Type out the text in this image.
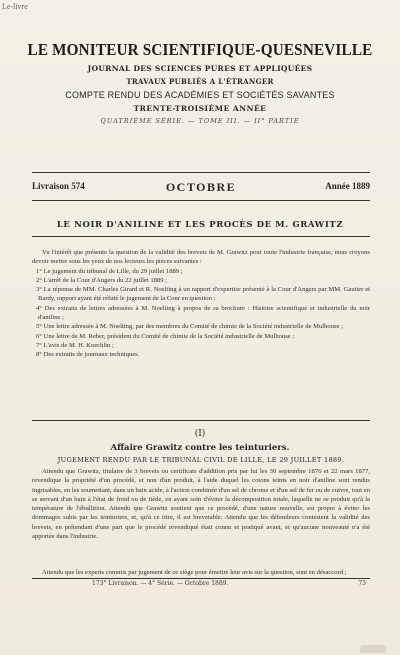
Le-livre
LE MONITEUR SCIENTIFIQUE-QUESNEVILLE
JOURNAL DES SCIENCES PURES ET APPLIQUÉES
TRAVAUX PUBLIÉS A L'ÉTRANGER
COMPTE RENDU DES ACADÉMIES ET SOCIÉTÉS SAVANTES
TRENTE-TROISIÈME ANNÉE
QUATRIÈME SÉRIE. — TOME III. — II° PARTIE
Livraison 574	OCTOBRE	Année 1889
LE NOIR D'ANILINE ET LES PROCÈS DE M. GRAWITZ

Vu l'intérêt que présente la question de la validité des brevets de M. Grawitz pour toute l'industrie française, nous croyons devoir mettre sous les yeux de nos lecteurs les pièces suivantes :

1° Le jugement du tribunal de Lille, du 29 juillet 1889 ;

2° L'arrêt de la Cour d'Angers du 22 juillet 1889 ;

3° La réponse de MM. Charles Girard et R. Noelting à un rapport d'expertise présenté à la Cour d'Angers par MM. Gautier et Bardy, rapport ayant été réfuté le jugement de la Cour en question ;

4° Des extraits de lettres adressées à M. Noelting à propos de sa brochure : Histoire scientifique et industrielle du noir d'aniline ;

5° Une lettre adressée à M. Noelting, par des membres du Comité de chimie de la Société industrielle de Mulhouse ;

6° Une lettre de M. Reber, président du Comité de chimie de la Société industrielle de Mulhouse ;

7° L'avis de M. H. Koechlin ;

8° Des extraits de journaux techniques.

(I)
Affaire Grawitz contre les teinturiers.
JUGEMENT RENDU PAR LE TRIBUNAL CIVIL DE LILLE, LE 29 JUILLET 1889.

Attendu que Grawitz, titulaire de 3 brevets ou certificats d'addition pris par lui les 30 septembre 1876 et 22 mars 1877, revendique la propriété d'un procédé, et non d'un produit, à l'aide duquel les cotons teints en noir d'aniline sont rendus ingrisables, en les soumettant, dans un bain acide, à l'action combinée d'un sel de chrome et d'un sel de fer ou de cuivre, tout en se servant d'un bain à l'état de froid ou de tiède, en ayant soin d'éviter la décomposition totale, laquelle ne se produit qu'à la température de l'ébullition. Attendu que Grawitz soutient que ce procédé, d'une nature nouvelle, est propre à éviter les dommages subis par les teinturiers, et, qu'à ce titre, il est brevetable. Attendu que les défendeurs contestent la validité des brevets, en prétendant d'une part que le procédé revendiqué était connu et pratiqué avant, et qu'aucune nouveauté n'a été apportée dans l'industrie.

Attendu que les experts commis par jugement de ce siège pour émettre leur avis sur la question, sont en désaccord ;

173° Livraison. — 4° Série. — Octobre 1889.	73
